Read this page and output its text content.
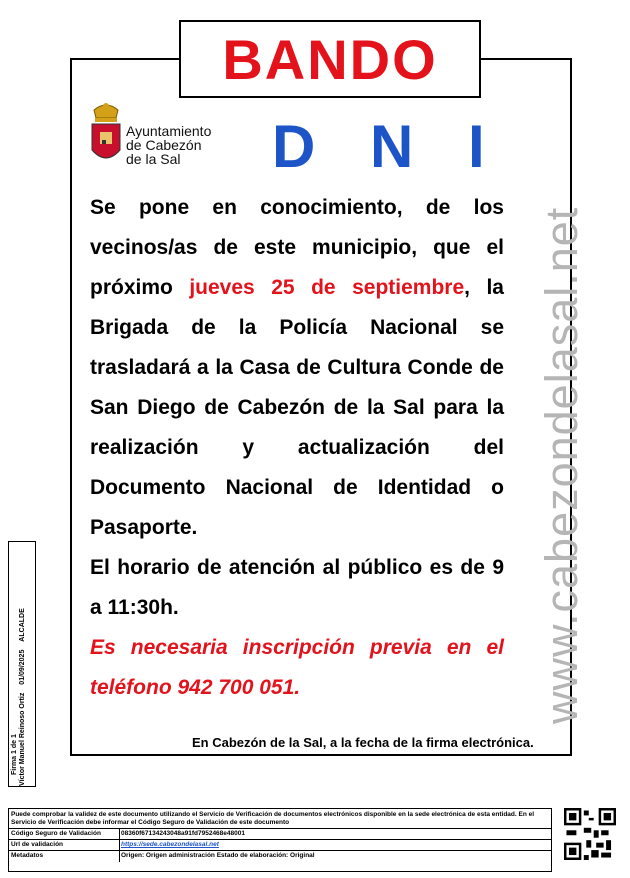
BANDO
Ayuntamiento
de Cabezón
de la Sal	D N I

Se pone en conocimiento, de los vecinos/as de este municipio, que el próximo jueves 25 de septiembre, la Brigada de la Policía Nacional se trasladará a la Casa de Cultura Conde de San Diego de Cabezón de la Sal para la realización y actualización del Documento Nacional de Identidad o Pasaporte.

El horario de atención al público es de 9 a 11:30h.

Es necesaria inscripción previa en el teléfono 942 700 051.

En Cabezón de la Sal, a la fecha de la firma electrónica.
www.cabezondelasal.net
Firma 1 de 1 Víctor Manuel Reinoso Ortiz 01/09/2025 ALCALDE
Puede comprobar la validez de este documento utilizando el Servicio de Verificación de documentos electrónicos disponible en la sede electrónica de esta entidad. En el Servicio de Verificación debe informar el Código Seguro de Validación de este documento
Código Seguro de Validación	08360f67134243048a91fd7952468e48001
Url de validación	https://sede.cabezondelasal.net
Metadatos	Origen: Origen administración Estado de elaboración: Original
